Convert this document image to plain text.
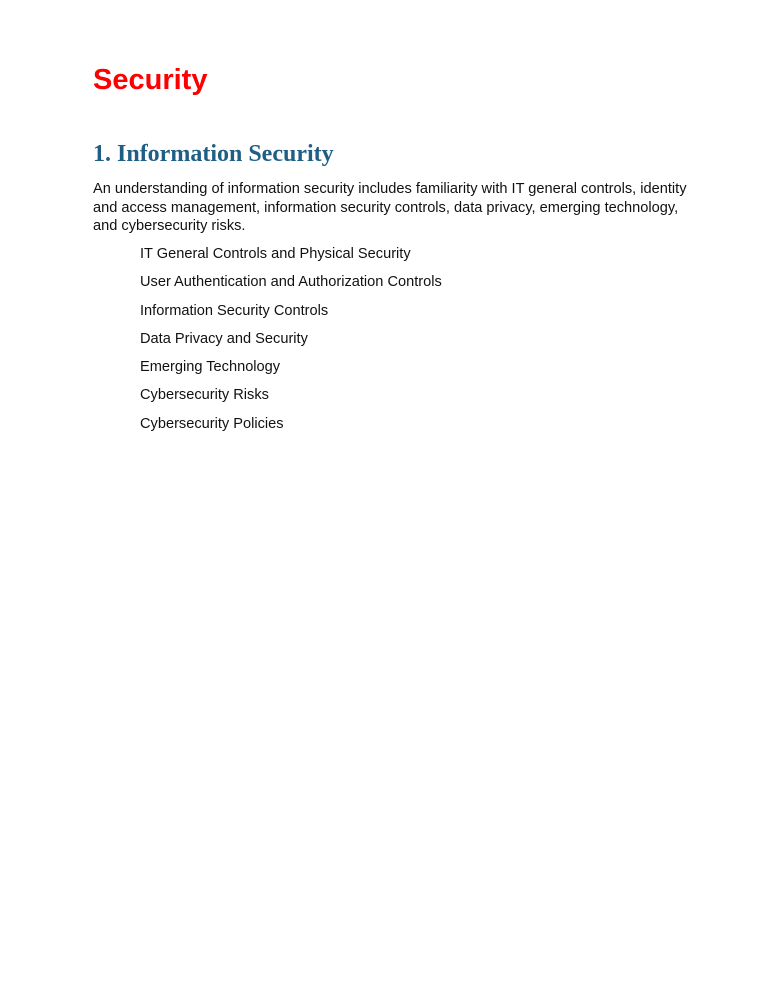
Security
1. Information Security

An understanding of information security includes familiarity with IT general controls, identity and access management, information security controls, data privacy, emerging technology, and cybersecurity risks.

IT General Controls and Physical Security
User Authentication and Authorization Controls
Information Security Controls
Data Privacy and Security
Emerging Technology
Cybersecurity Risks
Cybersecurity Policies
